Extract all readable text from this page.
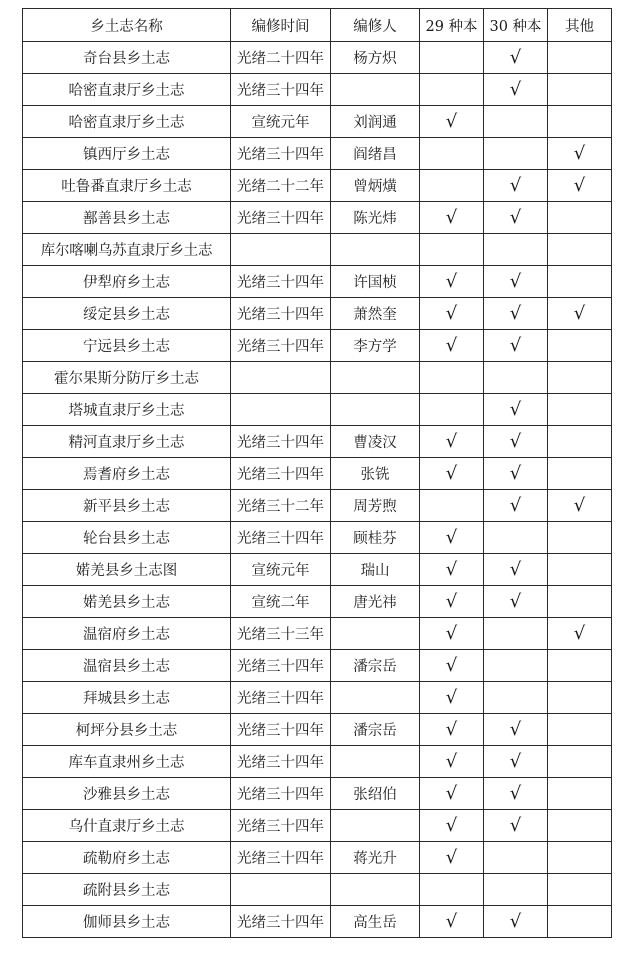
乡土志名称	编修时间	编修人	29 种本	30 种本	其他
奇台县乡土志	光绪二十四年	杨方炽		√	
哈密直隶厅乡土志	光绪三十四年			√	
哈密直隶厅乡土志	宣统元年	刘润通	√		
镇西厅乡土志	光绪三十四年	阎绪昌			√
吐鲁番直隶厅乡土志	光绪二十二年	曾炳熿		√	√
鄯善县乡土志	光绪三十四年	陈光炜	√	√	
库尔喀喇乌苏直隶厅乡土志					
伊犁府乡土志	光绪三十四年	许国桢	√	√	
绥定县乡土志	光绪三十四年	萧然奎	√	√	√
宁远县乡土志	光绪三十四年	李方学	√	√	
霍尔果斯分防厅乡土志					
塔城直隶厅乡土志				√	
精河直隶厅乡土志	光绪三十四年	曹凌汉	√	√	
焉耆府乡土志	光绪三十四年	张铣	√	√	
新平县乡土志	光绪三十二年	周芳煦		√	√
轮台县乡土志	光绪三十四年	顾桂芬	√		
婼羌县乡土志图	宣统元年	瑞山	√	√	
婼羌县乡土志	宣统二年	唐光祎	√	√	
温宿府乡土志	光绪三十三年		√		√
温宿县乡土志	光绪三十四年	潘宗岳	√		
拜城县乡土志	光绪三十四年		√		
柯坪分县乡土志	光绪三十四年	潘宗岳	√	√	
库车直隶州乡土志	光绪三十四年		√	√	
沙雅县乡土志	光绪三十四年	张绍伯	√	√	
乌什直隶厅乡土志	光绪三十四年		√	√	
疏勒府乡土志	光绪三十四年	蒋光升	√		
疏附县乡土志					
伽师县乡土志	光绪三十四年	高生岳	√	√	
